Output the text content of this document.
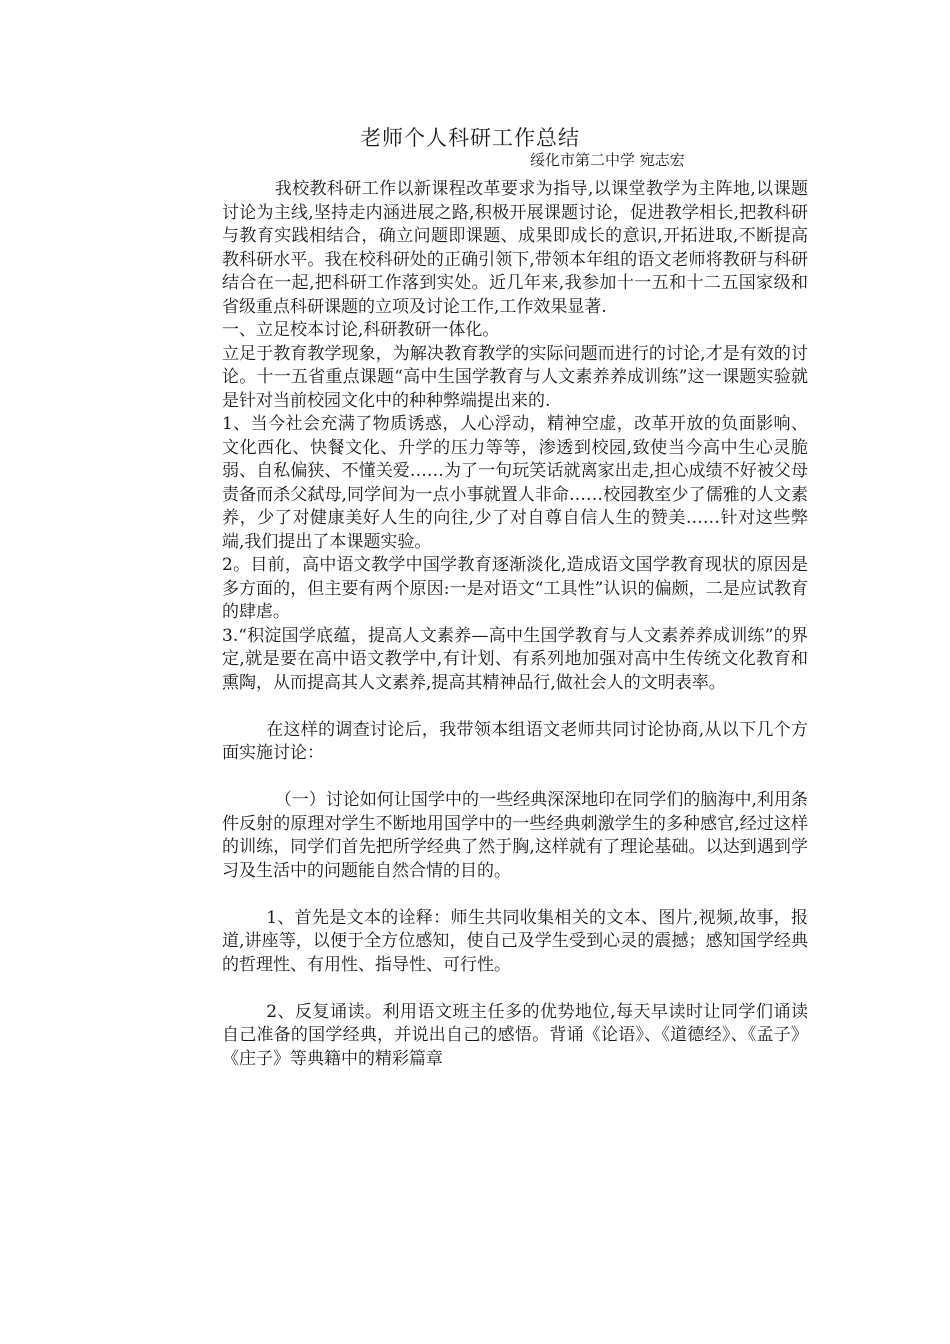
老师个人科研工作总结
绥化市第二中学 宛志宏

我校教科研工作以新课程改革要求为指导,以课堂教学为主阵地,以课题讨论为主线,坚持走内涵进展之路,积极开展课题讨论，促进教学相长,把教科研与教育实践相结合，确立问题即课题、成果即成长的意识,开拓进取,不断提高教科研水平。我在校科研处的正确引领下,带领本年组的语文老师将教研与科研结合在一起,把科研工作落到实处。近几年来,我参加十一五和十二五国家级和省级重点科研课题的立项及讨论工作,工作效果显著.

一、立足校本讨论,科研教研一体化。

立足于教育教学现象，为解决教育教学的实际问题而进行的讨论,才是有效的讨论。十一五省重点课题“高中生国学教育与人文素养养成训练”这一课题实验就是针对当前校园文化中的种种弊端提出来的.

1、当今社会充满了物质诱惑，人心浮动，精神空虚，改革开放的负面影响、文化西化、快餐文化、升学的压力等等，渗透到校园,致使当今高中生心灵脆弱、自私偏狭、不懂关爱……为了一句玩笑话就离家出走,担心成绩不好被父母责备而杀父弑母,同学间为一点小事就置人非命……校园教室少了儒雅的人文素养，少了对健康美好人生的向往,少了对自尊自信人生的赞美……针对这些弊端,我们提出了本课题实验。

2。目前，高中语文教学中国学教育逐渐淡化,造成语文国学教育现状的原因是多方面的，但主要有两个原因:一是对语文“工具性”认识的偏颇，二是应试教育的肆虐。

3.“积淀国学底蕴，提高人文素养—高中生国学教育与人文素养养成训练”的界定,就是要在高中语文教学中,有计划、有系列地加强对高中生传统文化教育和熏陶，从而提高其人文素养,提高其精神品行,做社会人的文明表率。

在这样的调查讨论后，我带领本组语文老师共同讨论协商,从以下几个方面实施讨论：

（一）讨论如何让国学中的一些经典深深地印在同学们的脑海中,利用条件反射的原理对学生不断地用国学中的一些经典刺激学生的多种感官,经过这样的训练，同学们首先把所学经典了然于胸,这样就有了理论基础。以达到遇到学习及生活中的问题能自然合情的目的。

1、首先是文本的诠释：师生共同收集相关的文本、图片,视频,故事，报道,讲座等，以便于全方位感知，使自己及学生受到心灵的震撼；感知国学经典的哲理性、有用性、指导性、可行性。

2、反复诵读。利用语文班主任多的优势地位,每天早读时让同学们诵读自己准备的国学经典，并说出自己的感悟。背诵《论语》、《道德经》、《孟子》《庄子》等典籍中的精彩篇章
